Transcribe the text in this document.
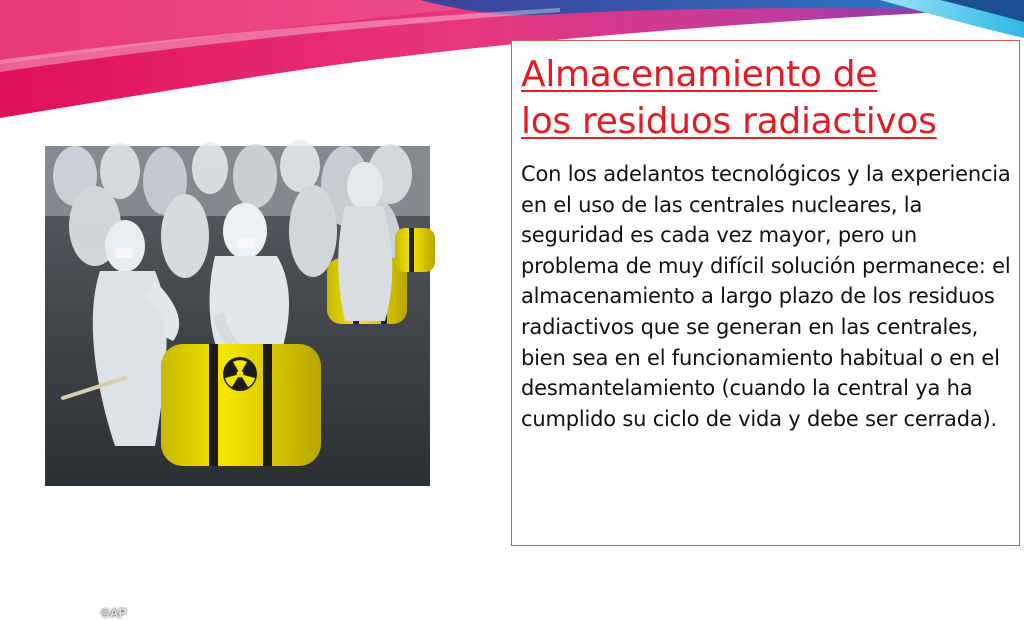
©AP
Almacenamiento de
los residuos radiactivos

Con los adelantos tecnológicos y la experiencia en el uso de las centrales nucleares, la seguridad es cada vez mayor, pero un problema de muy difícil solución permanece: el almacenamiento a largo plazo de los residuos radiactivos que se generan en las centrales, bien sea en el funcionamiento habitual o en el desmantelamiento (cuando la central ya ha cumplido su ciclo de vida y debe ser cerrada).
